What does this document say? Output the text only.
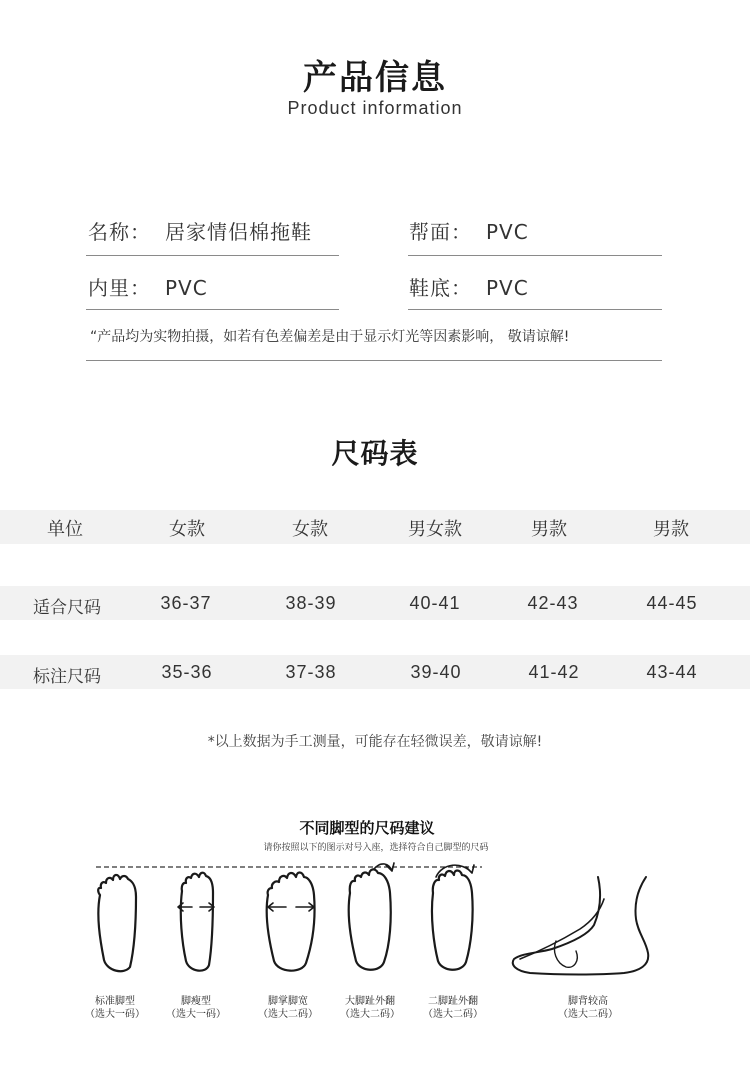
产品信息
Product information
名称： 居家情侣棉拖鞋	帮面： PVC
内里： PVC	鞋底： PVC
“产品均为实物拍摄，如若有色差偏差是由于显示灯光等因素影响， 敬请谅解!
尺码表
单位	女款	女款	男女款	男款	男款
适合尺码	36-37	38-39	40-41	42-43	44-45
标注尺码	35-36	37-38	39-40	41-42	43-44
*以上数据为手工测量，可能存在轻微误差，敬请谅解!
不同脚型的尺码建议
请你按照以下的图示对号入座，选择符合自己脚型的尺码
标准脚型
（选大一码）
脚瘦型
（选大一码）
脚掌脚宽
（选大二码）
大脚趾外翻
（选大二码）
二脚趾外翻
（选大二码）
脚背较高
（选大二码）
